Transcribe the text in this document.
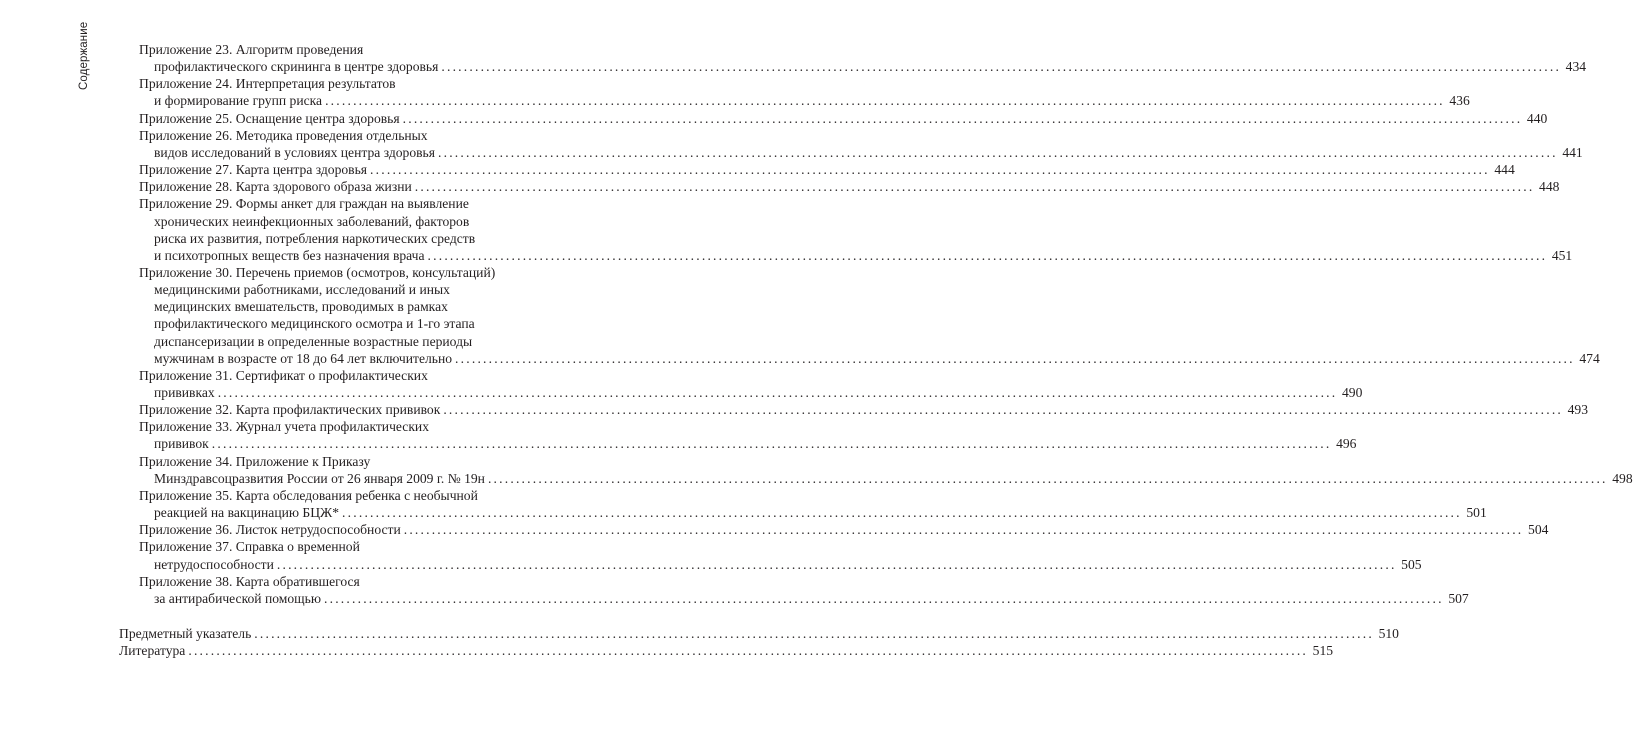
Содержание	Приложение 23. Алгоритм проведения
профилактического скрининга в центре здоровья ........................................................................................................................................................................................................ 434
Приложение 24. Интерпретация результатов
и формирование групп риска ........................................................................................................................................................................................................ 436
Приложение 25. Оснащение центра здоровья ........................................................................................................................................................................................................ 440
Приложение 26. Методика проведения отдельных
видов исследований в условиях центра здоровья ........................................................................................................................................................................................................ 441
Приложение 27. Карта центра здоровья ........................................................................................................................................................................................................ 444
Приложение 28. Карта здорового образа жизни ........................................................................................................................................................................................................ 448
Приложение 29. Формы анкет для граждан на выявление
хронических неинфекционных заболеваний, факторов
риска их развития, потребления наркотических средств
и психотропных веществ без назначения врача ........................................................................................................................................................................................................ 451
Приложение 30. Перечень приемов (осмотров, консультаций)
медицинскими работниками, исследований и иных
медицинских вмешательств, проводимых в рамках
профилактического медицинского осмотра и 1-го этапа
диспансеризации в определенные возрастные периоды
мужчинам в возрасте от 18 до 64 лет включительно ........................................................................................................................................................................................................ 474
Приложение 31. Сертификат о профилактических
прививках ........................................................................................................................................................................................................ 490
Приложение 32. Карта профилактических прививок ........................................................................................................................................................................................................ 493
Приложение 33. Журнал учета профилактических
прививок ........................................................................................................................................................................................................ 496
Приложение 34. Приложение к Приказу
Минздравсоцразвития России от 26 января 2009 г. № 19н ........................................................................................................................................................................................................ 498
Приложение 35. Карта обследования ребенка с необычной
реакцией на вакцинацию БЦЖ* ........................................................................................................................................................................................................ 501
Приложение 36. Листок нетрудоспособности ........................................................................................................................................................................................................ 504
Приложение 37. Справка о временной
нетрудоспособности ........................................................................................................................................................................................................ 505
Приложение 38. Карта обратившегося
за антирабической помощью ........................................................................................................................................................................................................ 507
Предметный указатель ........................................................................................................................................................................................................ 510
Литература ........................................................................................................................................................................................................ 515
